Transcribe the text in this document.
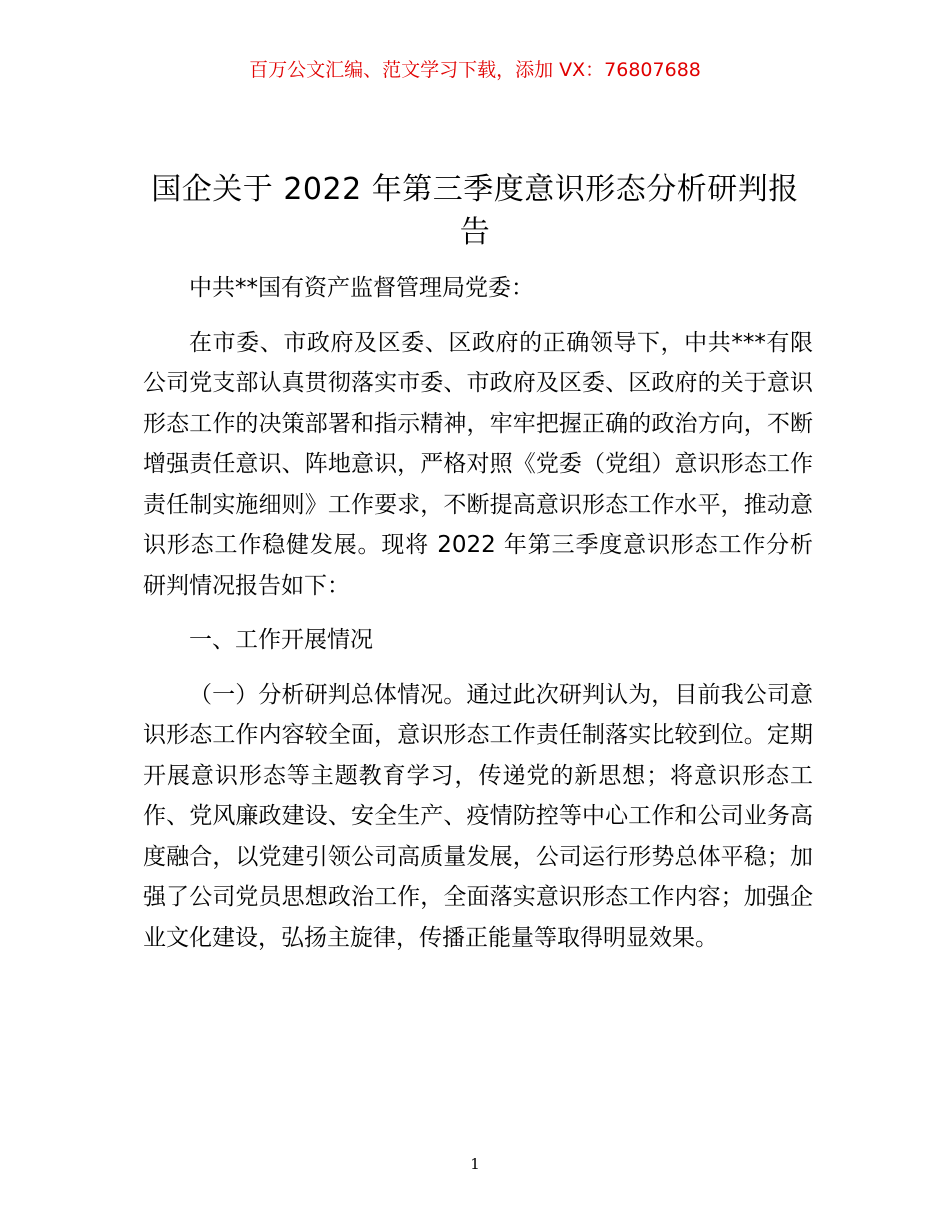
百万公文汇编、范文学习下载，添加 VX：76807688
国企关于 2022 年第三季度意识形态分析研判报告

中共**国有资产监督管理局党委：

在市委、市政府及区委、区政府的正确领导下，中共***有限公司党支部认真贯彻落实市委、市政府及区委、区政府的关于意识形态工作的决策部署和指示精神，牢牢把握正确的政治方向，不断增强责任意识、阵地意识，严格对照《党委（党组）意识形态工作责任制实施细则》工作要求，不断提高意识形态工作水平，推动意识形态工作稳健发展。现将 2022 年第三季度意识形态工作分析研判情况报告如下：

一、工作开展情况

（一）分析研判总体情况。通过此次研判认为，目前我公司意识形态工作内容较全面，意识形态工作责任制落实比较到位。定期开展意识形态等主题教育学习，传递党的新思想；将意识形态工作、党风廉政建设、安全生产、疫情防控等中心工作和公司业务高度融合，以党建引领公司高质量发展，公司运行形势总体平稳；加强了公司党员思想政治工作，全面落实意识形态工作内容；加强企业文化建设，弘扬主旋律，传播正能量等取得明显效果。

1
